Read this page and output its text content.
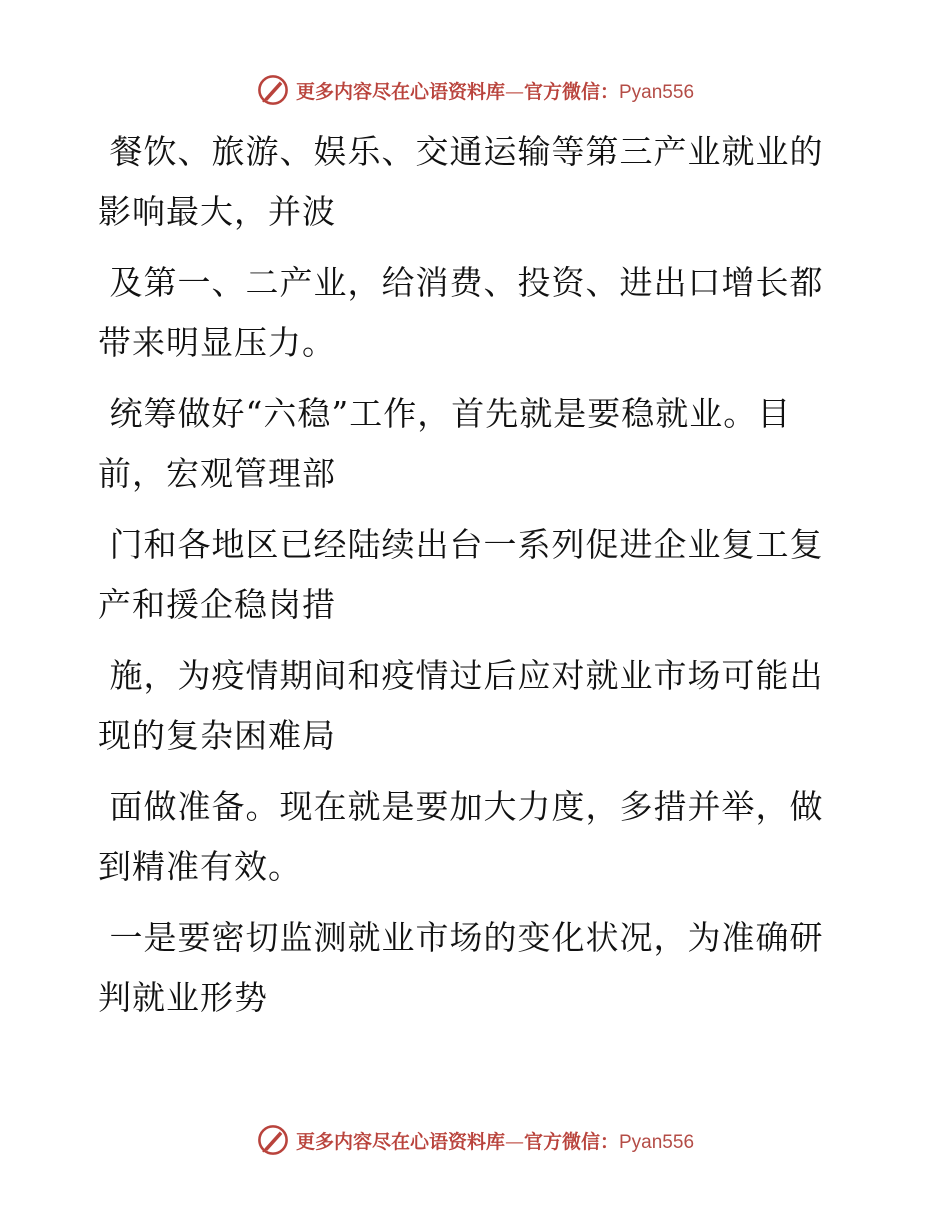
更多内容尽在心语资料库—官方微信：Pyan556

餐饮、旅游、娱乐、交通运输等第三产业就业的
影响最大，并波

及第一、二产业，给消费、投资、进出口增长都
带来明显压力。

统筹做好“六稳”工作，首先就是要稳就业。目
前，宏观管理部

门和各地区已经陆续出台一系列促进企业复工复
产和援企稳岗措

施，为疫情期间和疫情过后应对就业市场可能出
现的复杂困难局

面做准备。现在就是要加大力度，多措并举，做
到精准有效。

一是要密切监测就业市场的变化状况，为准确研
判就业形势

更多内容尽在心语资料库—官方微信：Pyan556
